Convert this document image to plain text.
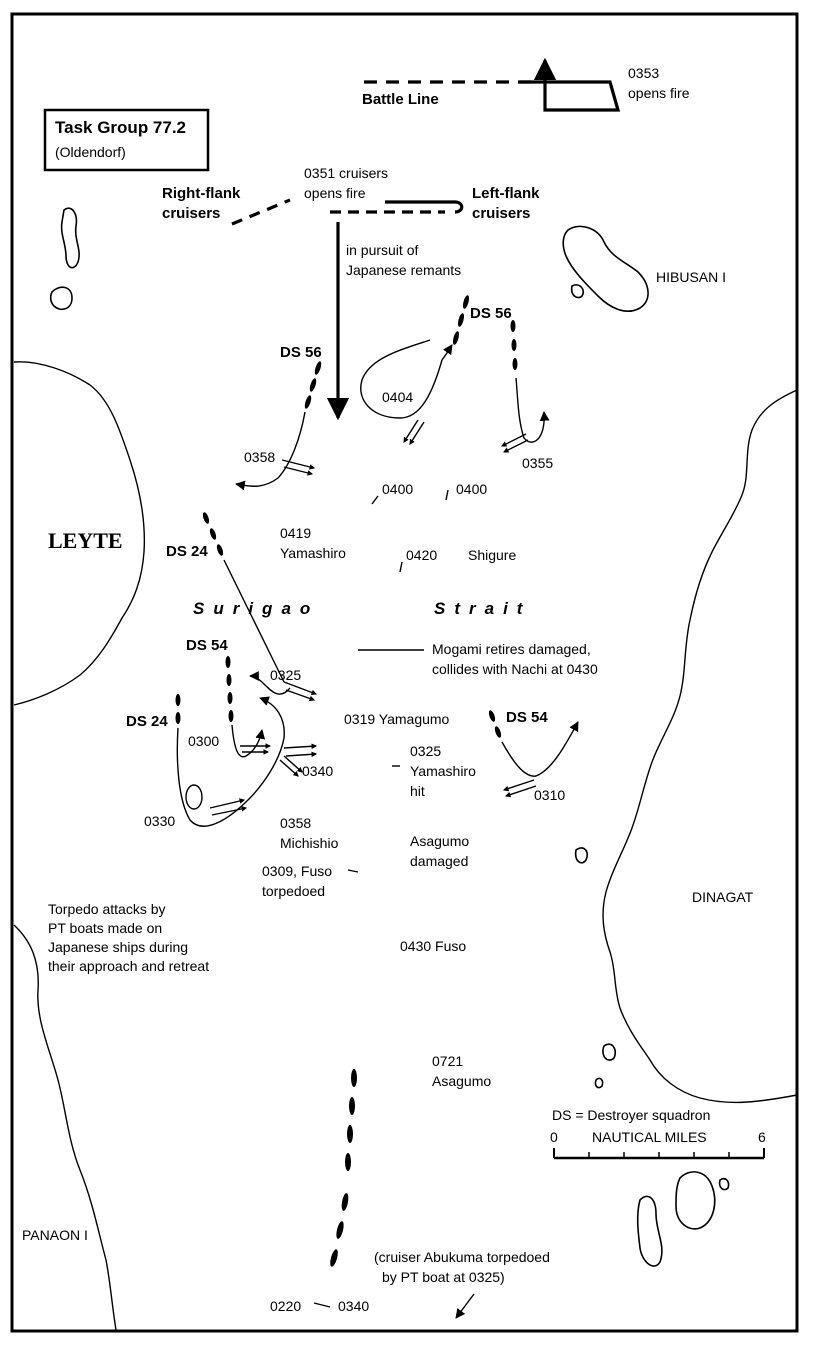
Task Group 77.2
(Oldendorf)
Battle Line
0353
opens fire
Right-flank
cruisers
Left-flank
cruisers
0351 cruisers
opens fire
in pursuit of
Japanese remants
DS 56
0358
DS 56
0404
0355
0400	0400
LEYTE	DS 24
0419
Yamashiro	0420 Shigure
Surigao	Strait
DS 54
0300
0325
Mogami retires damaged,
collides with Nachi at 0430
DS 24
0330
0340
0319 Yamagumo	DS 54
0310
0325
Yamashiro
hit
0358
Michishio	Asagumo
damaged
0309, Fuso
torpedoed
Torpedo attacks by
PT boats made on
Japanese ships during
their approach and retreat
DINAGAT
HIBUSAN I
0430 Fuso
0721
Asagumo
DS = Destroyer squadron
0 NAUTICAL MILES	6
PANAON I
(cruiser Abukuma torpedoed
by PT boat at 0325)
0220	0340
